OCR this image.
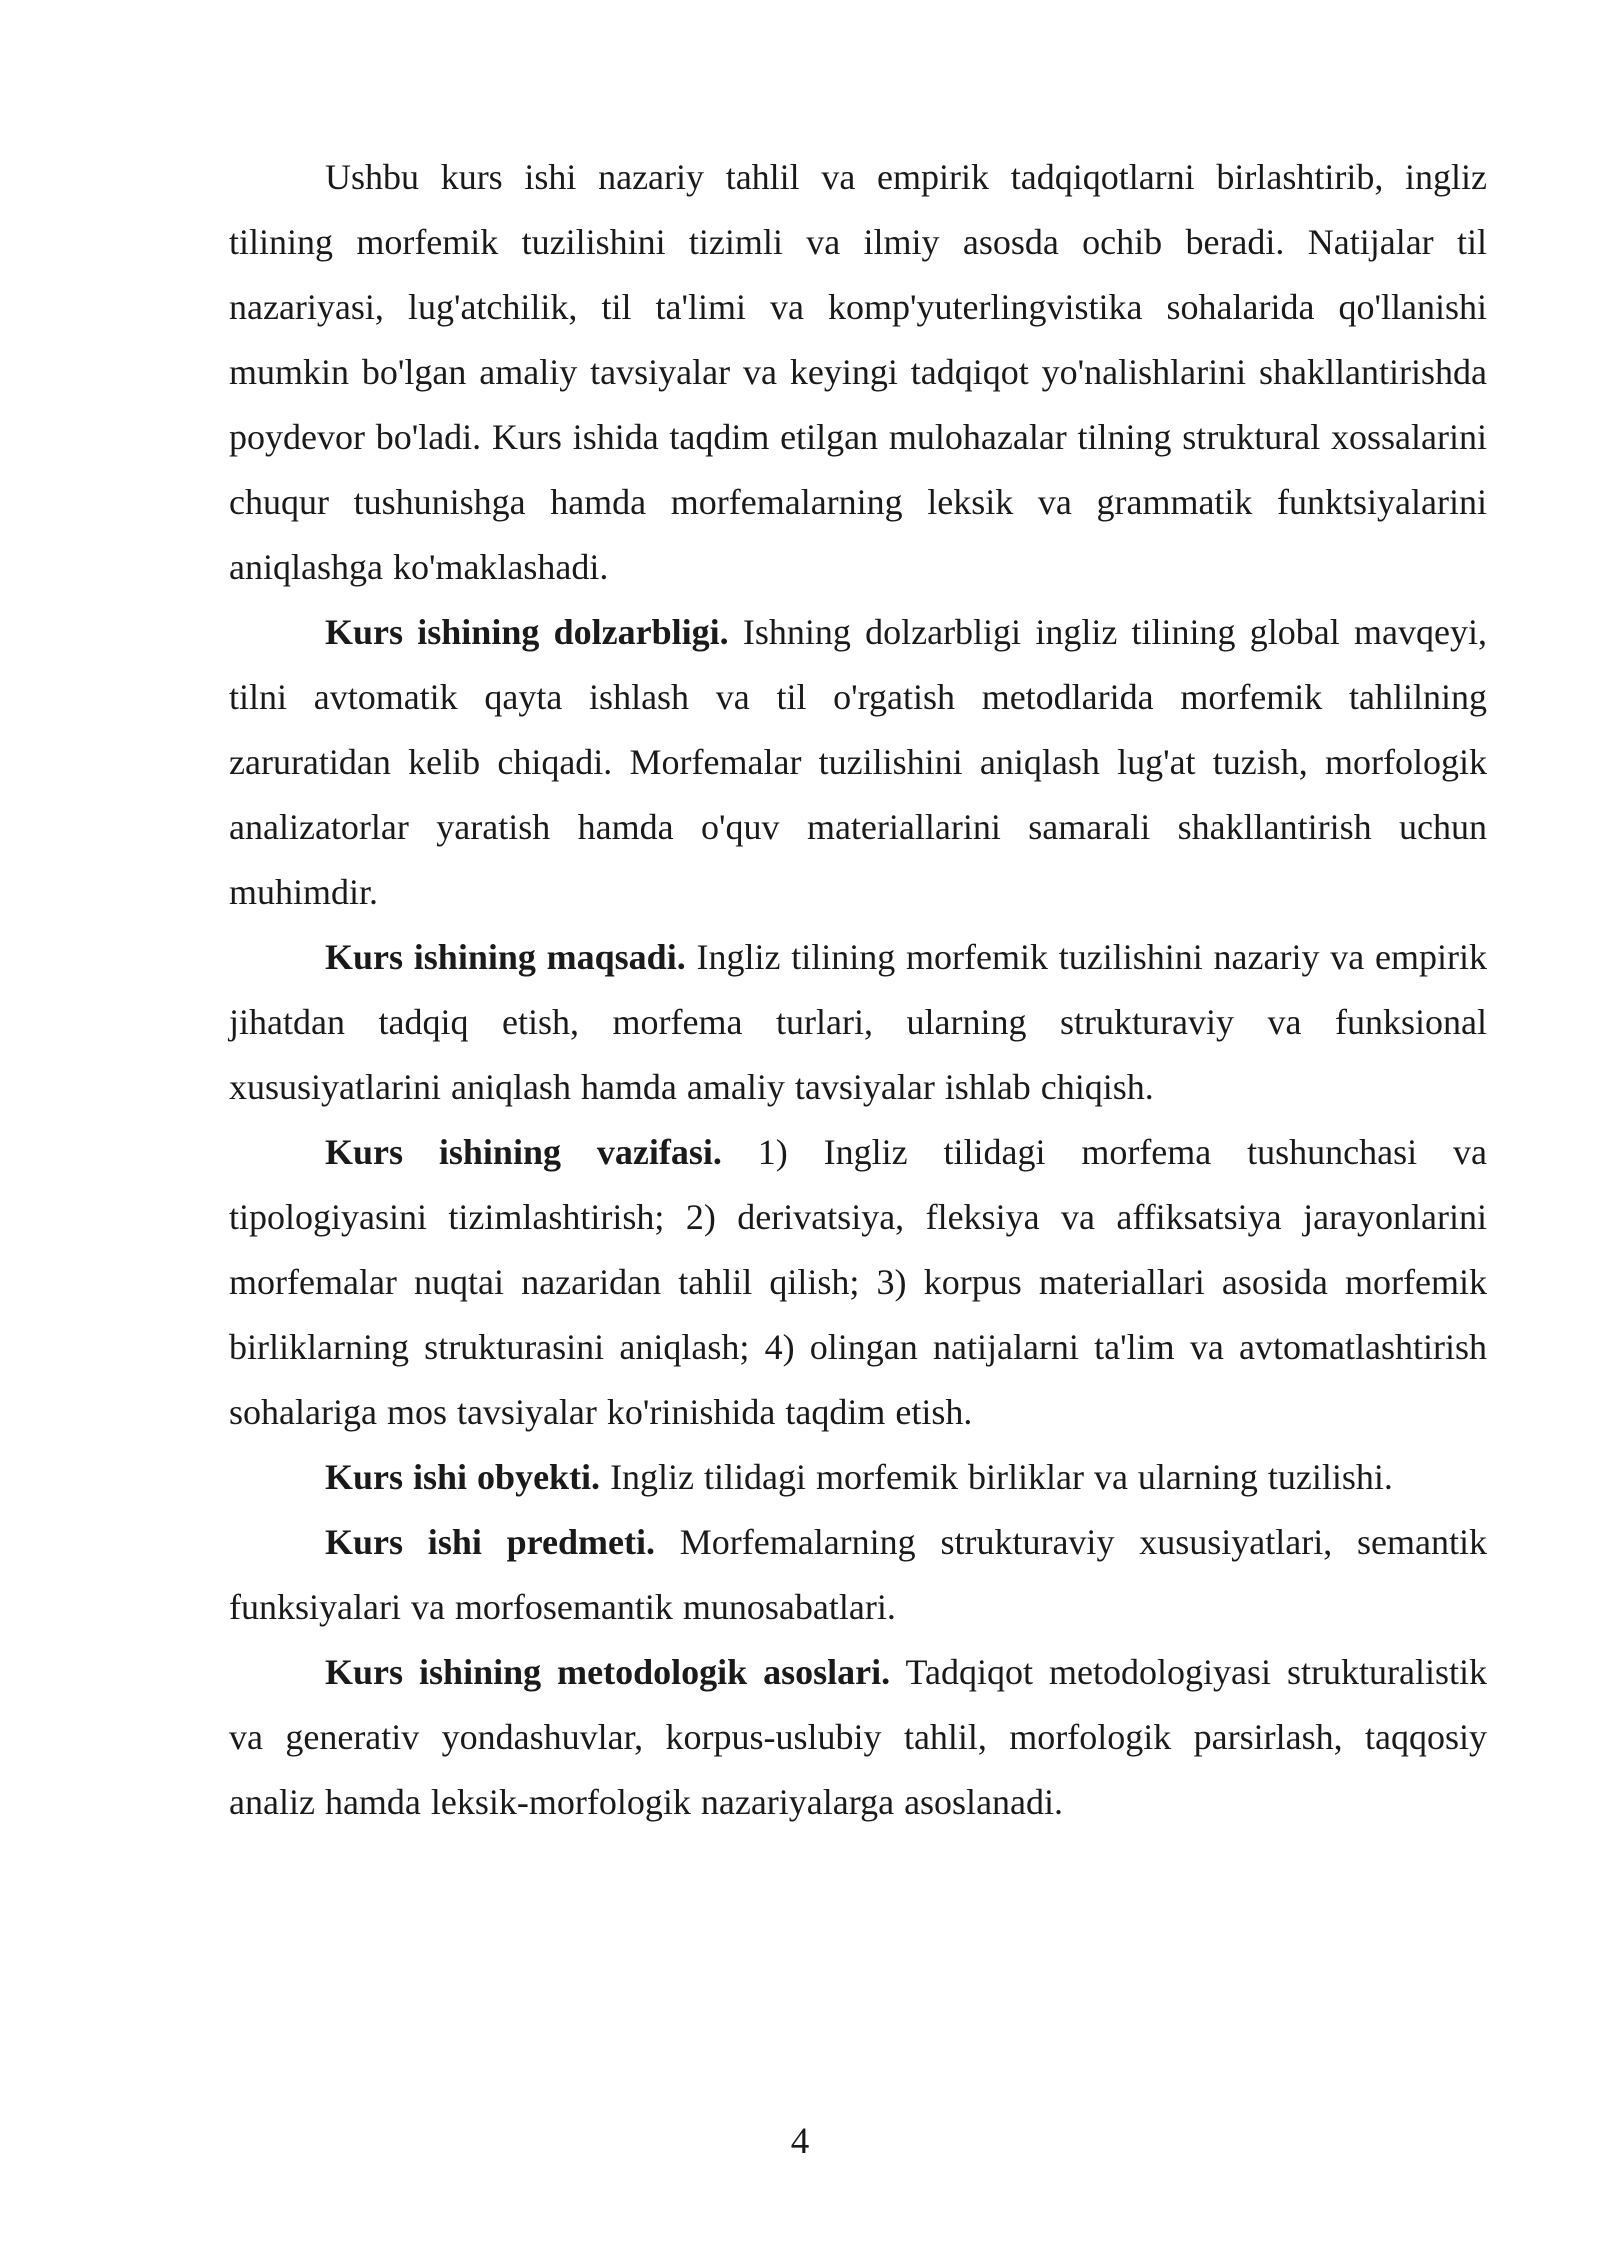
Ushbu kurs ishi nazariy tahlil va empirik tadqiqotlarni birlashtirib, ingliz tilining morfemik tuzilishini tizimli va ilmiy asosda ochib beradi. Natijalar til nazariyasi, lug'atchilik, til ta'limi va komp'yuterlingvistika sohalarida qo'llanishi mumkin bo'lgan amaliy tavsiyalar va keyingi tadqiqot yo'nalishlarini shakllantirishda poydevor bo'ladi. Kurs ishida taqdim etilgan mulohazalar tilning struktural xossalarini chuqur tushunishga hamda morfemalarning leksik va grammatik funktsiyalarini aniqlashga ko'maklashadi.

Kurs ishining dolzarbligi. Ishning dolzarbligi ingliz tilining global mavqeyi, tilni avtomatik qayta ishlash va til o'rgatish metodlarida morfemik tahlilning zaruratidan kelib chiqadi. Morfemalar tuzilishini aniqlash lug'at tuzish, morfologik analizatorlar yaratish hamda o'quv materiallarini samarali shakllantirish uchun muhimdir.

Kurs ishining maqsadi. Ingliz tilining morfemik tuzilishini nazariy va empirik jihatdan tadqiq etish, morfema turlari, ularning strukturaviy va funksional xususiyatlarini aniqlash hamda amaliy tavsiyalar ishlab chiqish.

Kurs ishining vazifasi. 1) Ingliz tilidagi morfema tushunchasi va tipologiyasini tizimlashtirish; 2) derivatsiya, fleksiya va affiksatsiya jarayonlarini morfemalar nuqtai nazaridan tahlil qilish; 3) korpus materiallari asosida morfemik birliklarning strukturasini aniqlash; 4) olingan natijalarni ta'lim va avtomatlashtirish sohalariga mos tavsiyalar ko'rinishida taqdim etish.

Kurs ishi obyekti. Ingliz tilidagi morfemik birliklar va ularning tuzilishi.

Kurs ishi predmeti. Morfemalarning strukturaviy xususiyatlari, semantik funksiyalari va morfosemantik munosabatlari.

Kurs ishining metodologik asoslari. Tadqiqot metodologiyasi strukturalistik va generativ yondashuvlar, korpus-uslubiy tahlil, morfologik parsirlash, taqqosiy analiz hamda leksik-morfologik nazariyalarga asoslanadi.

4
